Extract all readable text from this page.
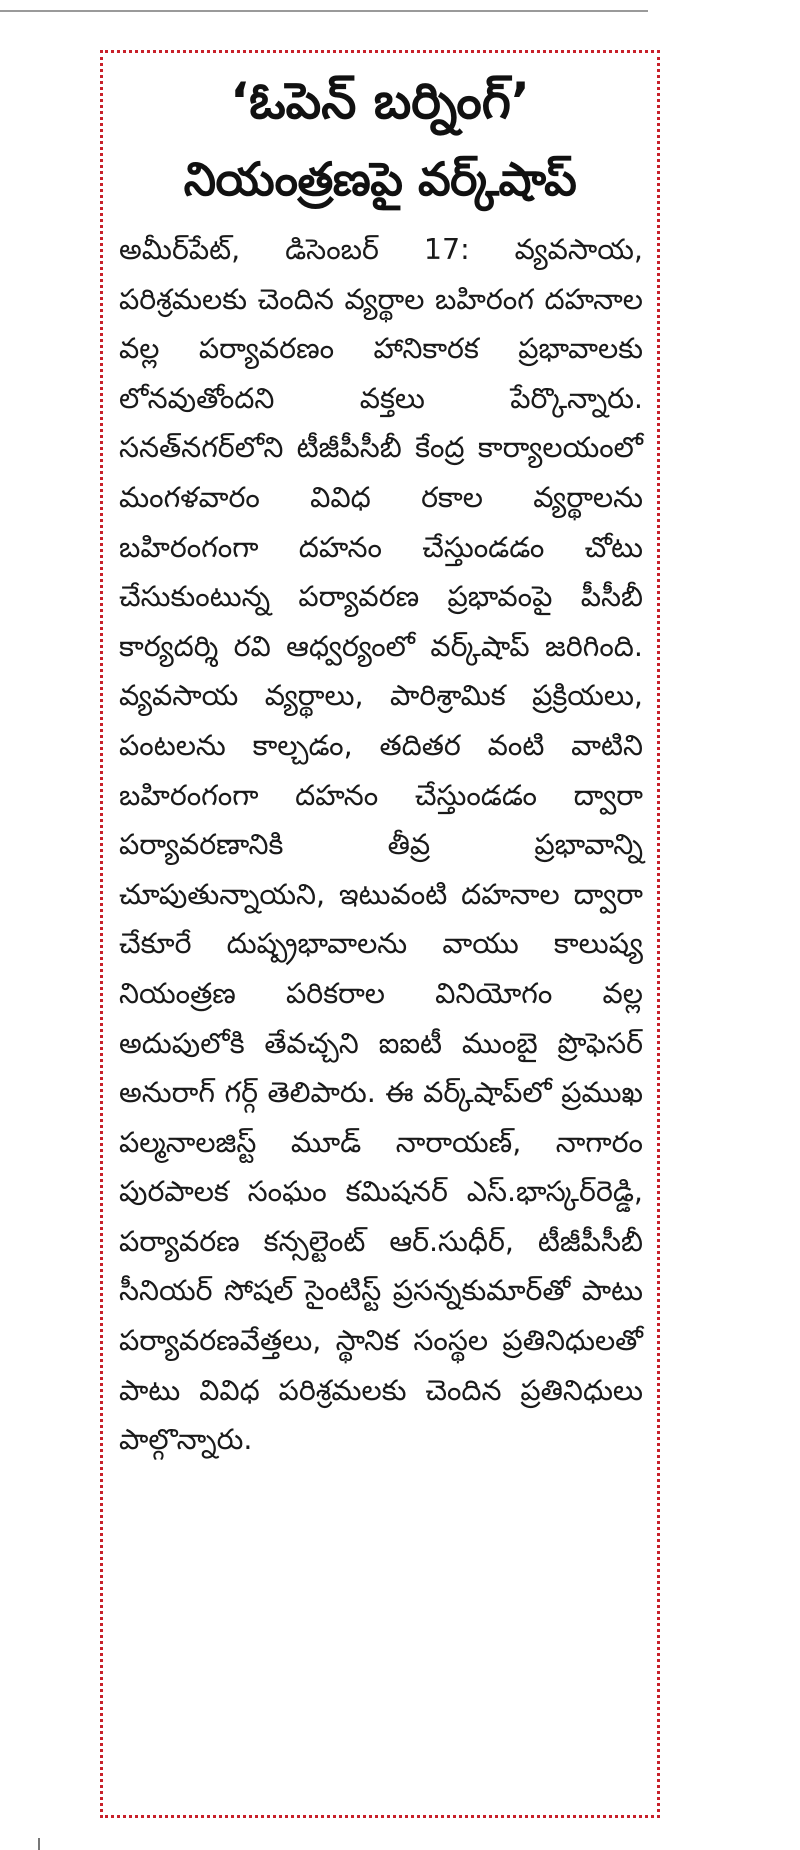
‘ఓపెన్ బర్నింగ్’
నియంత్రణపై వర్క్‌షాప్

అమీర్‌పేట్, డిసెంబర్ 17: వ్యవసాయ, పరిశ్రమలకు చెందిన వ్యర్థాల బహిరంగ దహనాల వల్ల పర్యావరణం హానికారక ప్రభావాలకు లోనవుతోందని వక్తలు పేర్కొన్నారు. సనత్‌నగర్‌లోని టీజీపీసీబీ కేంద్ర కార్యాలయంలో మంగళవారం వివిధ రకాల వ్యర్థాలను బహిరంగంగా దహనం చేస్తుండడం చోటు చేసుకుంటున్న పర్యావరణ ప్రభావంపై పీసీబీ కార్యదర్శి రవి ఆధ్వర్యంలో వర్క్‌షాప్ జరిగింది. వ్యవసాయ వ్యర్థాలు, పారిశ్రామిక ప్రక్రియలు, పంటలను కాల్చడం, తదితర వంటి వాటిని బహిరంగంగా దహనం చేస్తుండడం ద్వారా పర్యావరణానికి తీవ్ర ప్రభావాన్ని చూపుతున్నాయని, ఇటువంటి దహనాల ద్వారా చేకూరే దుష్ప్రభావాలను వాయు కాలుష్య నియంత్రణ పరికరాల వినియోగం వల్ల అదుపులోకి తేవచ్చని ఐఐటీ ముంబై ప్రొఫెసర్ అనురాగ్ గర్గ్ తెలిపారు. ఈ వర్క్‌షాప్‌లో ప్రముఖ పల్మనాలజిస్ట్ మూడ్ నారాయణ్, నాగారం పురపాలక సంఘం కమిషనర్ ఎస్.భాస్కర్‌రెడ్డి, పర్యావరణ కన్సల్టెంట్ ఆర్.సుధీర్, టీజీపీసీబీ సీనియర్ సోషల్ సైంటిస్ట్ ప్రసన్నకుమార్‌తో పాటు పర్యావరణవేత్తలు, స్థానిక సంస్థల ప్రతినిధులతో పాటు వివిధ పరిశ్రమలకు చెందిన ప్రతినిధులు పాల్గొన్నారు.
